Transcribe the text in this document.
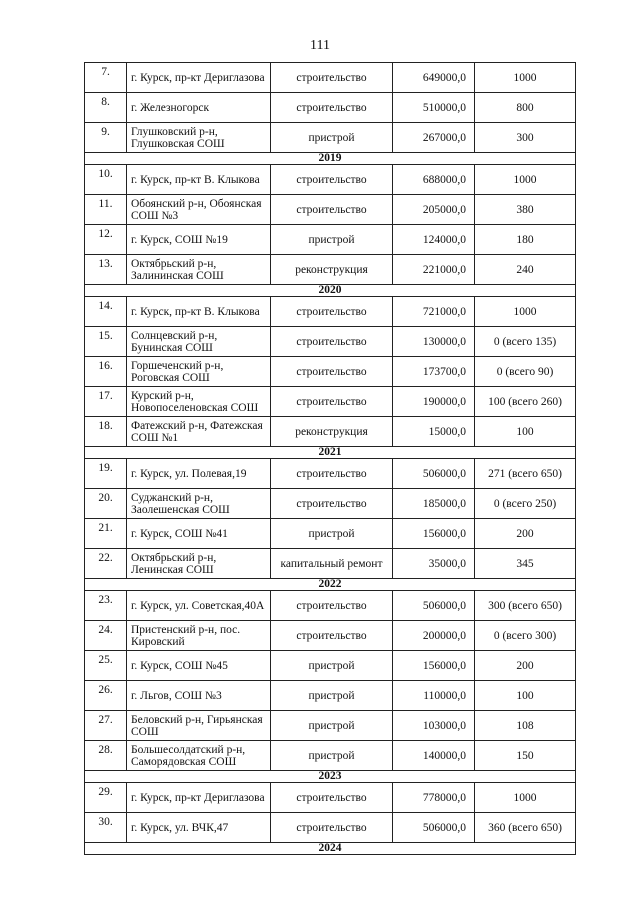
111
7.	г. Курск, пр-кт Дериглазова	строительство	649000,0	1000
8.	г. Железногорск	строительство	510000,0	800
9.	Глушковский р-н, Глушковская СОШ	пристрой	267000,0	300
2019				
10.	г. Курск, пр-кт В. Клыкова	строительство	688000,0	1000
11.	Обоянский р-н, Обоянская СОШ №3	строительство	205000,0	380
12.	г. Курск, СОШ №19	пристрой	124000,0	180
13.	Октябрьский р-н, Залининская СОШ	реконструкция	221000,0	240
2020				
14.	г. Курск, пр-кт В. Клыкова	строительство	721000,0	1000
15.	Солнцевский р-н, Бунинская СОШ	строительство	130000,0	0 (всего 135)
16.	Горшеченский р-н, Роговская СОШ	строительство	173700,0	0 (всего 90)
17.	Курский р-н, Новопоселеновская СОШ	строительство	190000,0	100 (всего 260)
18.	Фатежский р-н, Фатежская СОШ №1	реконструкция	15000,0	100
2021				
19.	г. Курск, ул. Полевая,19	строительство	506000,0	271 (всего 650)
20.	Суджанский р-н, Заолешенская СОШ	строительство	185000,0	0 (всего 250)
21.	г. Курск, СОШ №41	пристрой	156000,0	200
22.	Октябрьский р-н, Ленинская СОШ	капитальный ремонт	35000,0	345
2022				
23.	г. Курск, ул. Советская,40А	строительство	506000,0	300 (всего 650)
24.	Пристенский р-н, пос. Кировский	строительство	200000,0	0 (всего 300)
25.	г. Курск, СОШ №45	пристрой	156000,0	200
26.	г. Льгов, СОШ №3	пристрой	110000,0	100
27.	Беловский р-н, Гирьянская СОШ	пристрой	103000,0	108
28.	Большесолдатский р-н, Саморядовская СОШ	пристрой	140000,0	150
2023				
29.	г. Курск, пр-кт Дериглазова	строительство	778000,0	1000
30.	г. Курск, ул. ВЧК,47	строительство	506000,0	360 (всего 650)
2024				
